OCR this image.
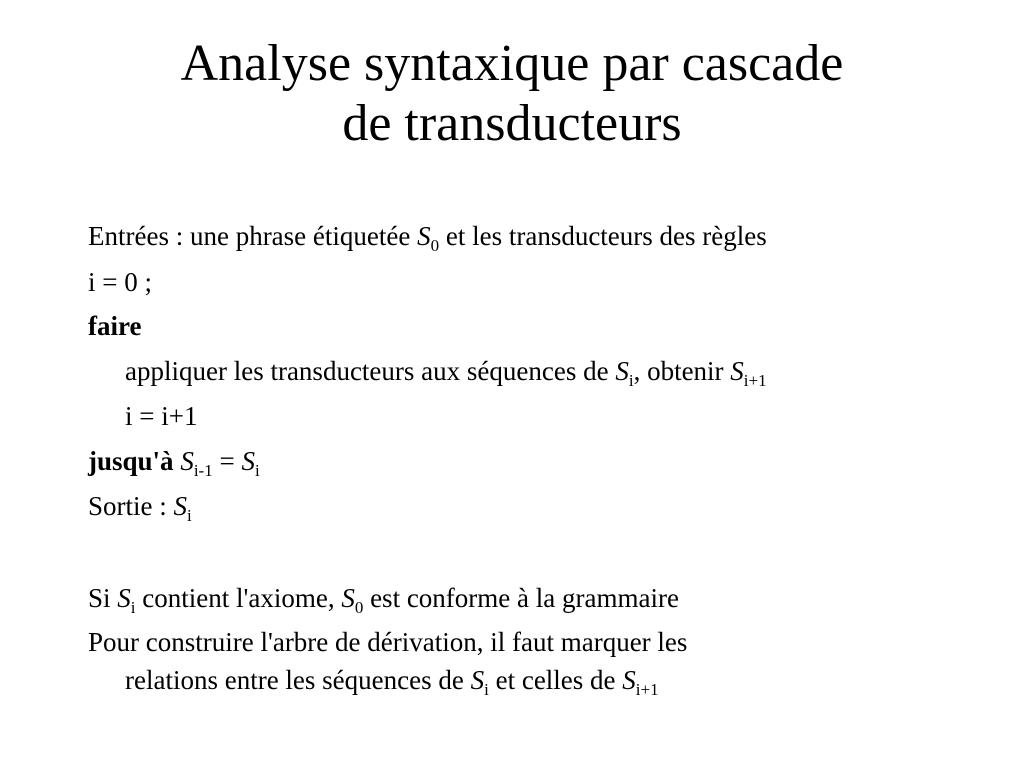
Analyse syntaxique par cascade
de transducteurs
Entrées : une phrase étiquetée $S_0$ et les transducteurs des règles
i = 0 ;
faire
appliquer les transducteurs aux séquences de $S_i$, obtenir $S_{i+1}$
i = i+1
jusqu'à $S_{i-1} = S_i$
Sortie : $S_i$
Si $S_i$ contient l'axiome, $S_0$ est conforme à la grammaire
Pour construire l'arbre de dérivation, il faut marquer les
relations entre les séquences de $S_i$ et celles de $S_{i+1}$
